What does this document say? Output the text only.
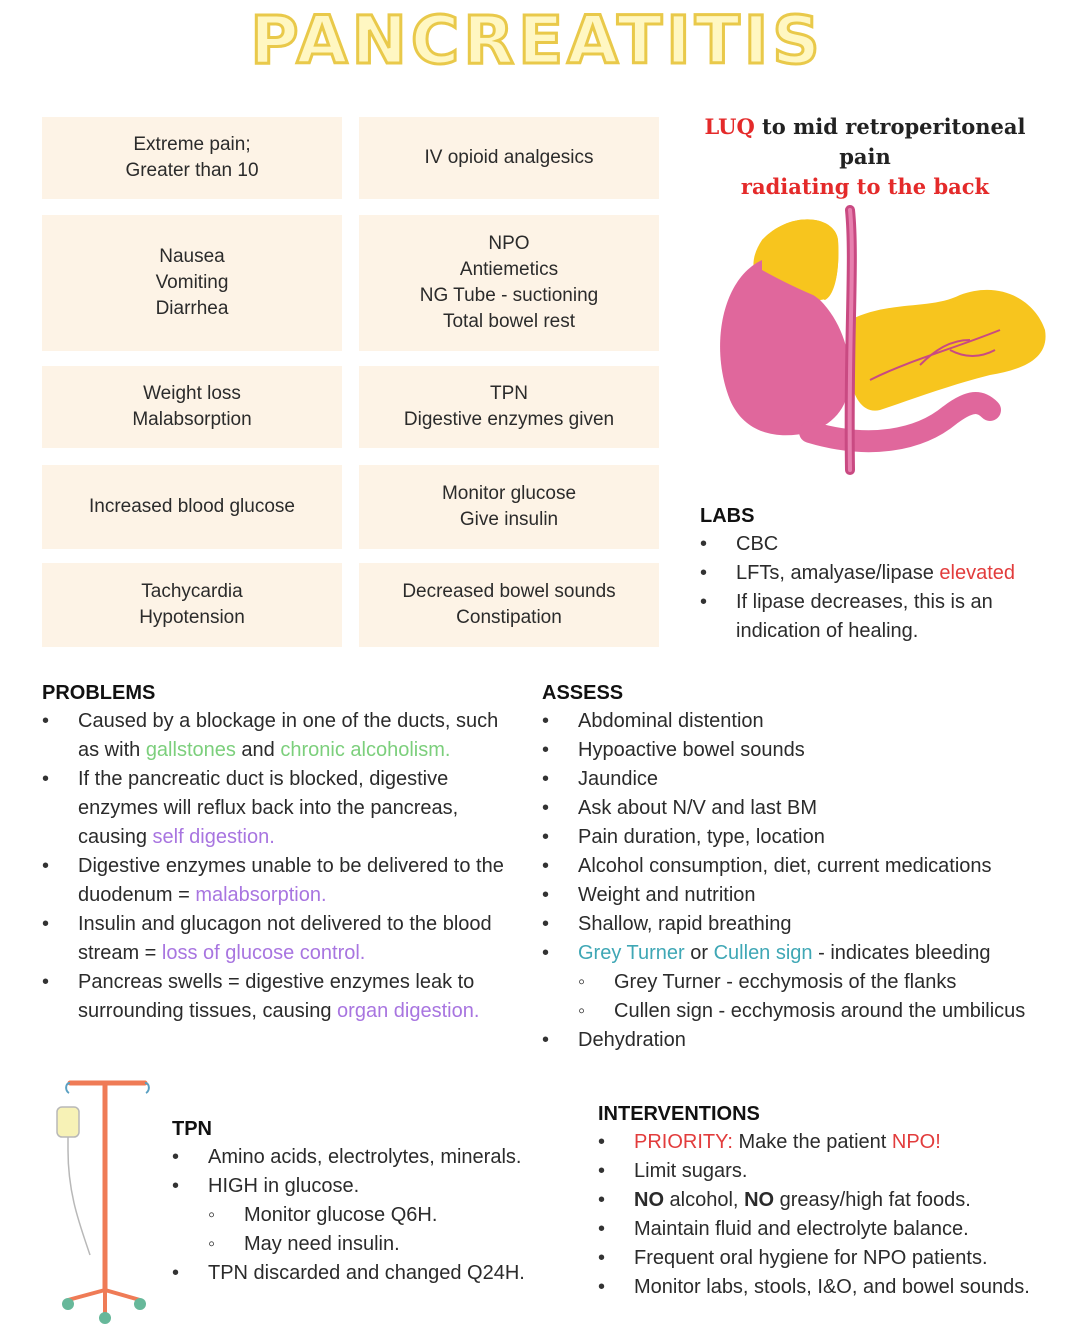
PANCREATITIS
Extreme pain;
Greater than 10
IV opioid analgesics
Nausea
Vomiting
Diarrhea
NPO
Antiemetics
NG Tube - suctioning
Total bowel rest
Weight loss
Malabsorption
TPN
Digestive enzymes given
Increased blood glucose
Monitor glucose
Give insulin
Tachycardia
Hypotension
Decreased bowel sounds
Constipation
LUQ to mid retroperitoneal pain
radiating to the back
LABS
• CBC
• LFTs, amalyase/lipase elevated
• If lipase decreases, this is an indication of healing.
PROBLEMS
• Caused by a blockage in one of the ducts, such as with gallstones and chronic alcoholism.
• If the pancreatic duct is blocked, digestive enzymes will reflux back into the pancreas, causing self digestion.
• Digestive enzymes unable to be delivered to the duodenum = malabsorption.
• Insulin and glucagon not delivered to the blood stream = loss of glucose control.
• Pancreas swells = digestive enzymes leak to surrounding tissues, causing organ digestion.
ASSESS
• Abdominal distention
• Hypoactive bowel sounds
• Jaundice
• Ask about N/V and last BM
• Pain duration, type, location
• Alcohol consumption, diet, current medications
• Weight and nutrition
• Shallow, rapid breathing
• Grey Turner or Cullen sign - indicates bleeding
◦ Grey Turner - ecchymosis of the flanks
◦ Cullen sign - ecchymosis around the umbilicus
• Dehydration
TPN
• Amino acids, electrolytes, minerals.
• HIGH in glucose.
◦ Monitor glucose Q6H.
◦ May need insulin.
• TPN discarded and changed Q24H.
INTERVENTIONS
• PRIORITY: Make the patient NPO!
• Limit sugars.
• NO alcohol, NO greasy/high fat foods.
• Maintain fluid and electrolyte balance.
• Frequent oral hygiene for NPO patients.
• Monitor labs, stools, I&O, and bowel sounds.
